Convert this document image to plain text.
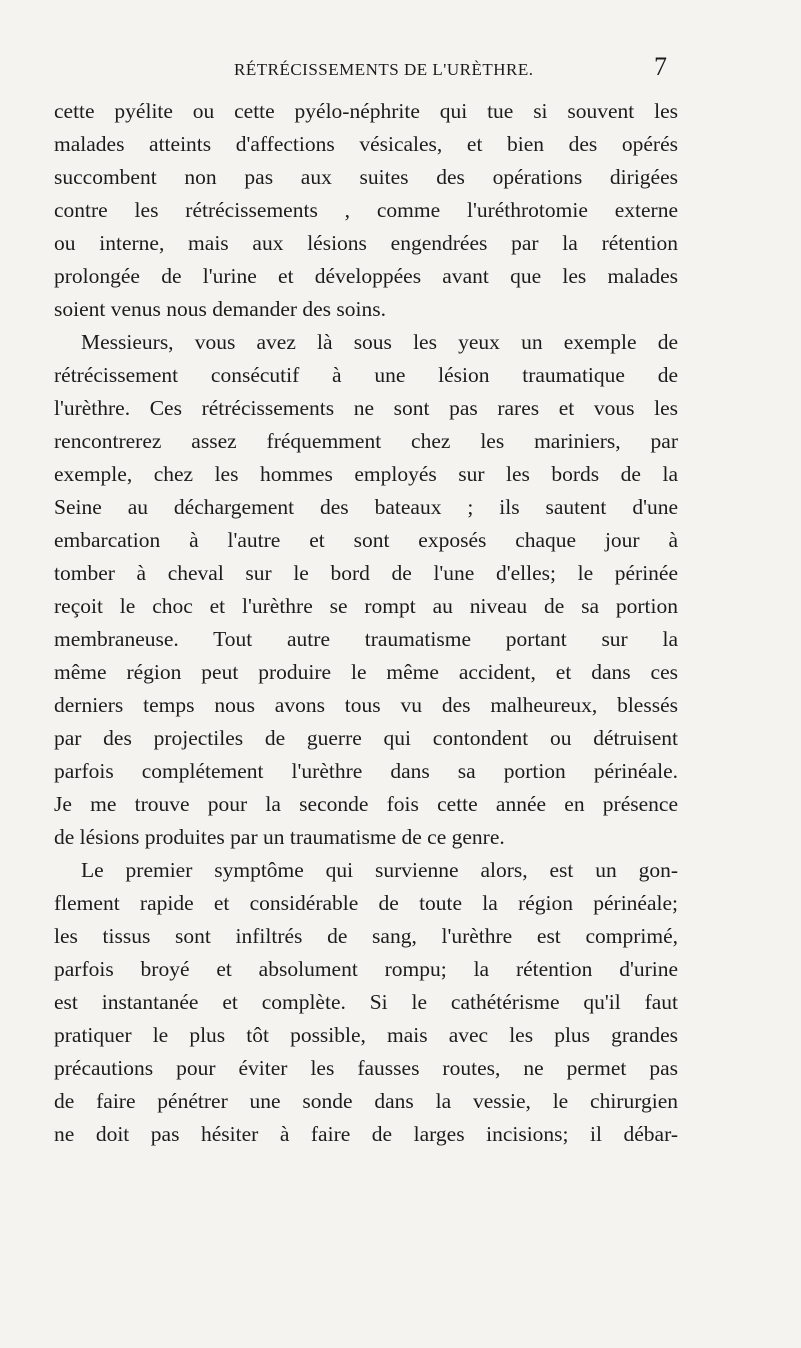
RÉTRÉCISSEMENTS DE L'URÈTHRE.	7
cette pyélite ou cette pyélo-néphrite qui tue si souvent les
malades atteints d'affections vésicales, et bien des opérés
succombent non pas aux suites des opérations dirigées
contre les rétrécissements , comme l'uréthrotomie externe
ou interne, mais aux lésions engendrées par la rétention
prolongée de l'urine et développées avant que les malades
soient venus nous demander des soins.
Messieurs, vous avez là sous les yeux un exemple de
rétrécissement consécutif à une lésion traumatique de
l'urèthre. Ces rétrécissements ne sont pas rares et vous les
rencontrerez assez fréquemment chez les mariniers, par
exemple, chez les hommes employés sur les bords de la
Seine au déchargement des bateaux ; ils sautent d'une
embarcation à l'autre et sont exposés chaque jour à
tomber à cheval sur le bord de l'une d'elles; le périnée
reçoit le choc et l'urèthre se rompt au niveau de sa portion
membraneuse. Tout autre traumatisme portant sur la
même région peut produire le même accident, et dans ces
derniers temps nous avons tous vu des malheureux, blessés
par des projectiles de guerre qui contondent ou détruisent
parfois complétement l'urèthre dans sa portion périnéale.
Je me trouve pour la seconde fois cette année en présence
de lésions produites par un traumatisme de ce genre.
Le premier symptôme qui survienne alors, est un gon-
flement rapide et considérable de toute la région périnéale;
les tissus sont infiltrés de sang, l'urèthre est comprimé,
parfois broyé et absolument rompu; la rétention d'urine
est instantanée et complète. Si le cathétérisme qu'il faut
pratiquer le plus tôt possible, mais avec les plus grandes
précautions pour éviter les fausses routes, ne permet pas
de faire pénétrer une sonde dans la vessie, le chirurgien
ne doit pas hésiter à faire de larges incisions; il débar-
